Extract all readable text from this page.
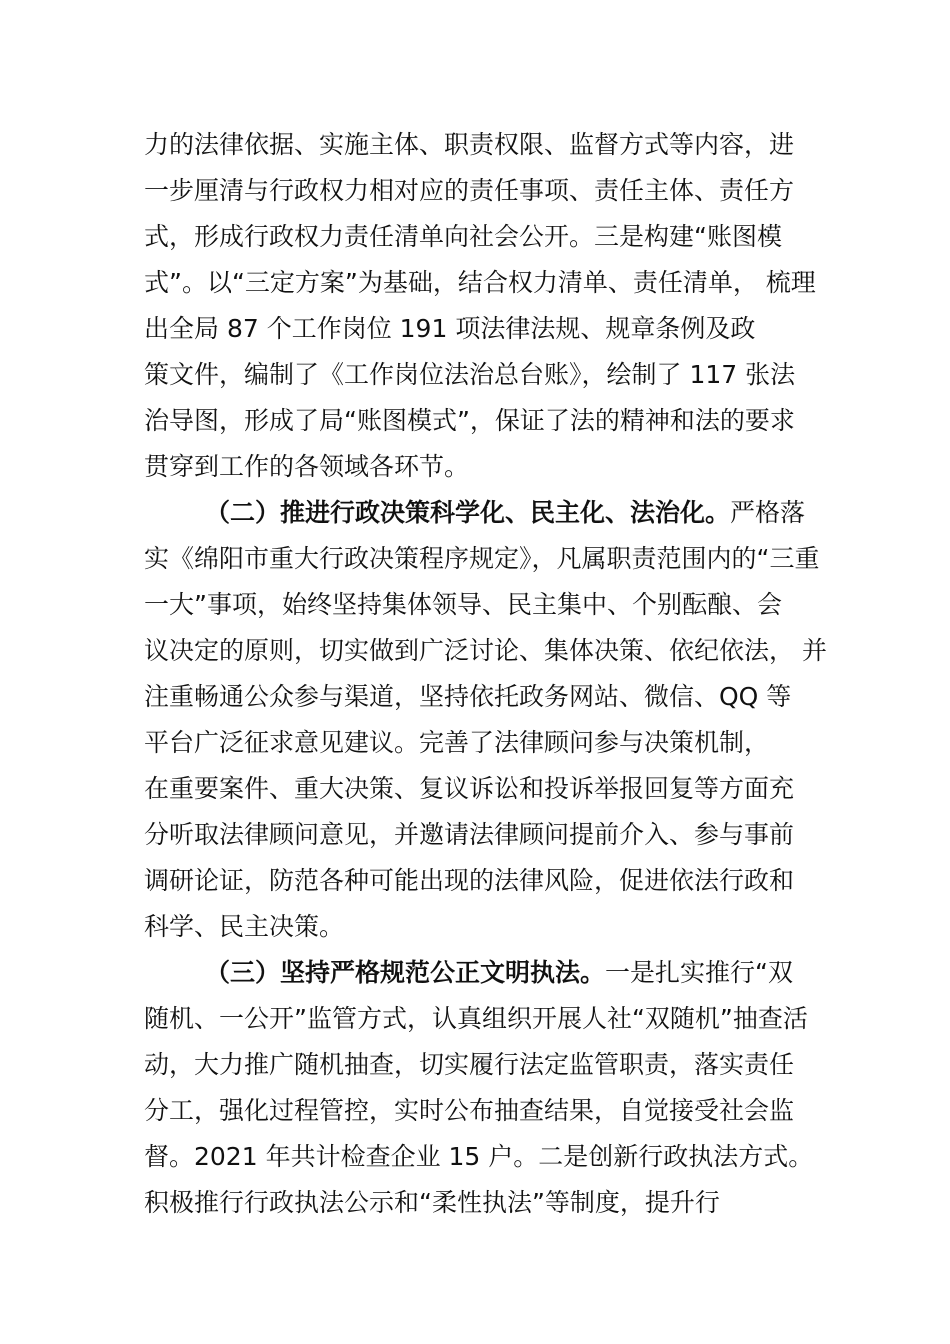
力的法律依据、实施主体、职责权限、监督方式等内容，进
一步厘清与行政权力相对应的责任事项、责任主体、责任方
式，形成行政权力责任清单向社会公开。三是构建“账图模
式”。以“三定方案”为基础，结合权力清单、责任清单， 梳理
出全局 87 个工作岗位 191 项法律法规、规章条例及政
策文件，编制了《工作岗位法治总台账》，绘制了 117 张法
治导图，形成了局“账图模式”，保证了法的精神和法的要求
贯穿到工作的各领域各环节。
（二）推进行政决策科学化、民主化、法治化。严格落
实《绵阳市重大行政决策程序规定》，凡属职责范围内的“三重
一大”事项，始终坚持集体领导、民主集中、个别酝酿、会
议决定的原则，切实做到广泛讨论、集体决策、依纪依法， 并
注重畅通公众参与渠道，坚持依托政务网站、微信、QQ 等
平台广泛征求意见建议。完善了法律顾问参与决策机制，
在重要案件、重大决策、复议诉讼和投诉举报回复等方面充
分听取法律顾问意见，并邀请法律顾问提前介入、参与事前
调研论证，防范各种可能出现的法律风险，促进依法行政和
科学、民主决策。
（三）坚持严格规范公正文明执法。一是扎实推行“双
随机、一公开”监管方式，认真组织开展人社“双随机”抽查活
动，大力推广随机抽查，切实履行法定监管职责，落实责任
分工，强化过程管控，实时公布抽查结果，自觉接受社会监
督。2021 年共计检查企业 15 户。二是创新行政执法方式。
积极推行行政执法公示和“柔性执法”等制度，提升行
